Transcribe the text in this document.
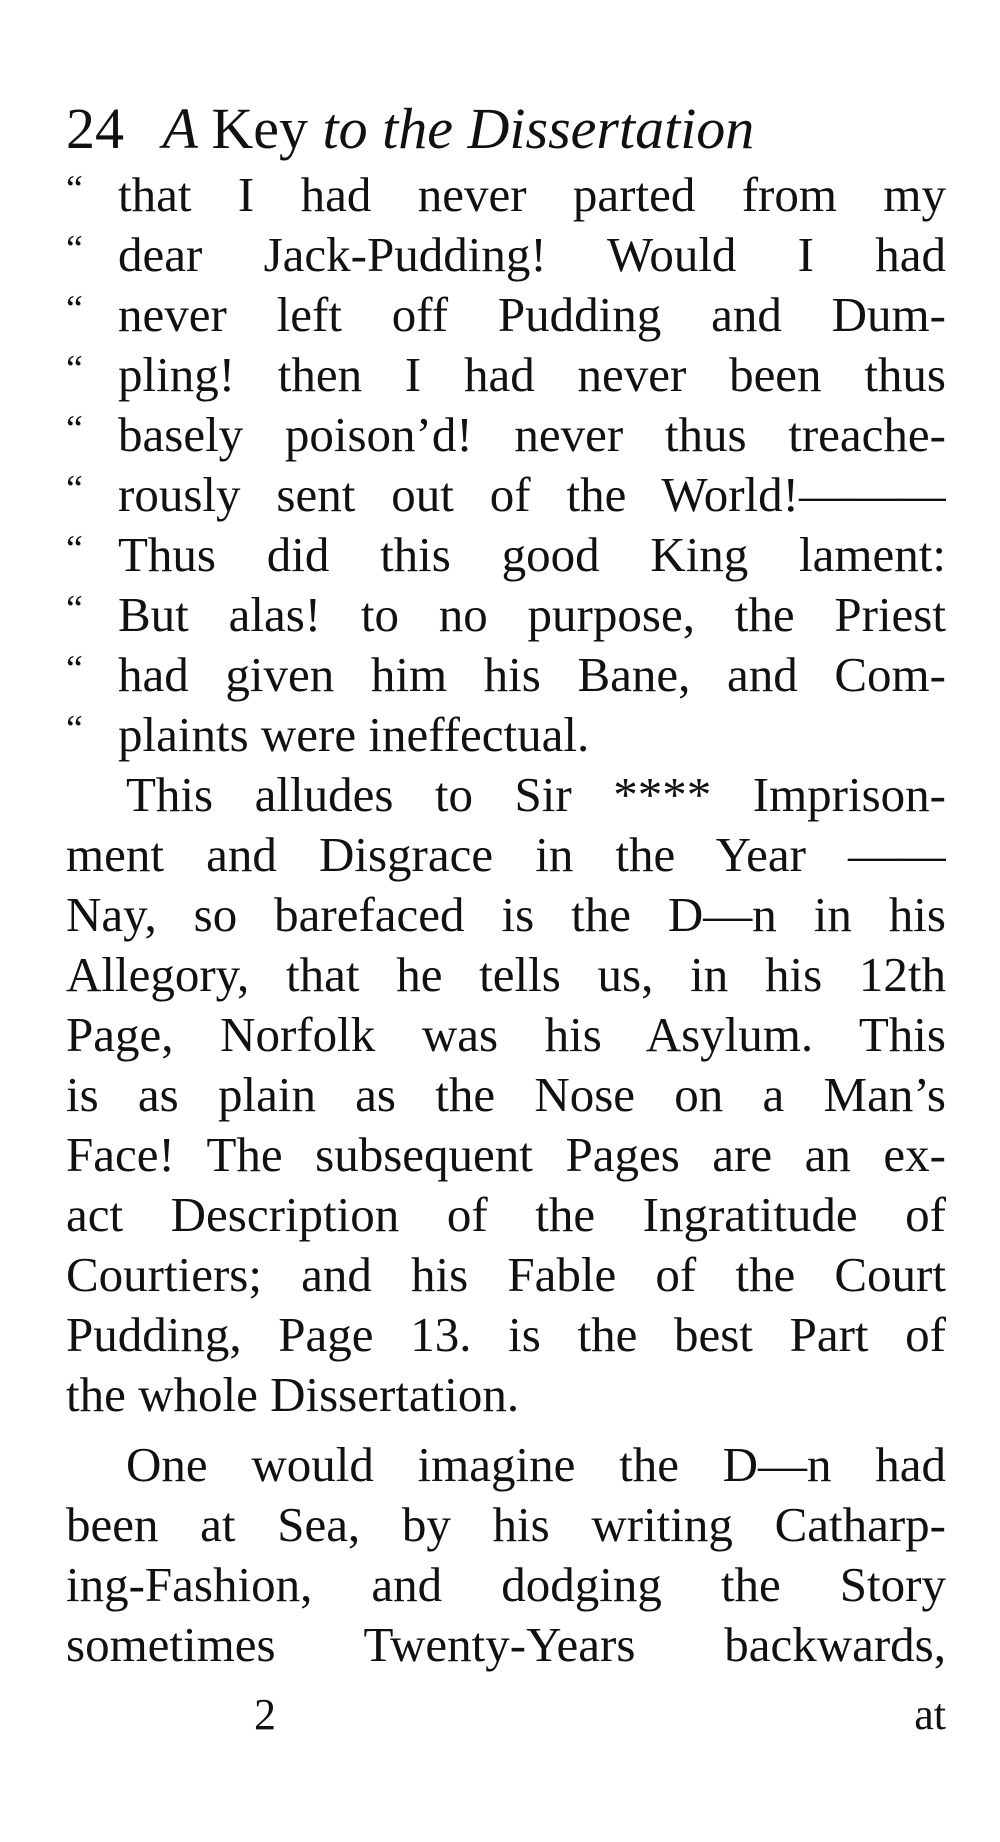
24 A Key to the Dissertation
“ that I had never parted from my
“ dear Jack-Pudding! Would I had
“ never left off Pudding and Dum-
“ pling! then I had never been thus
“ basely poison’d! never thus treache-
“ rously sent out of the World!———
“ Thus did this good King lament:
“ But alas! to no purpose, the Priest
“ had given him his Bane, and Com-
“ plaints were ineffectual.
This alludes to Sir **** Imprison-
ment and Disgrace in the Year ——
Nay, so barefaced is the D—n in his
Allegory, that he tells us, in his 12th
Page, Norfolk was his Asylum. This
is as plain as the Nose on a Man’s
Face! The subsequent Pages are an ex-
act Description of the Ingratitude of
Courtiers; and his Fable of the Court
Pudding, Page 13. is the best Part of
the whole Dissertation.
One would imagine the D—n had
been at Sea, by his writing Catharp-
ing-Fashion, and dodging the Story
sometimes Twenty-Years backwards,
2	at
